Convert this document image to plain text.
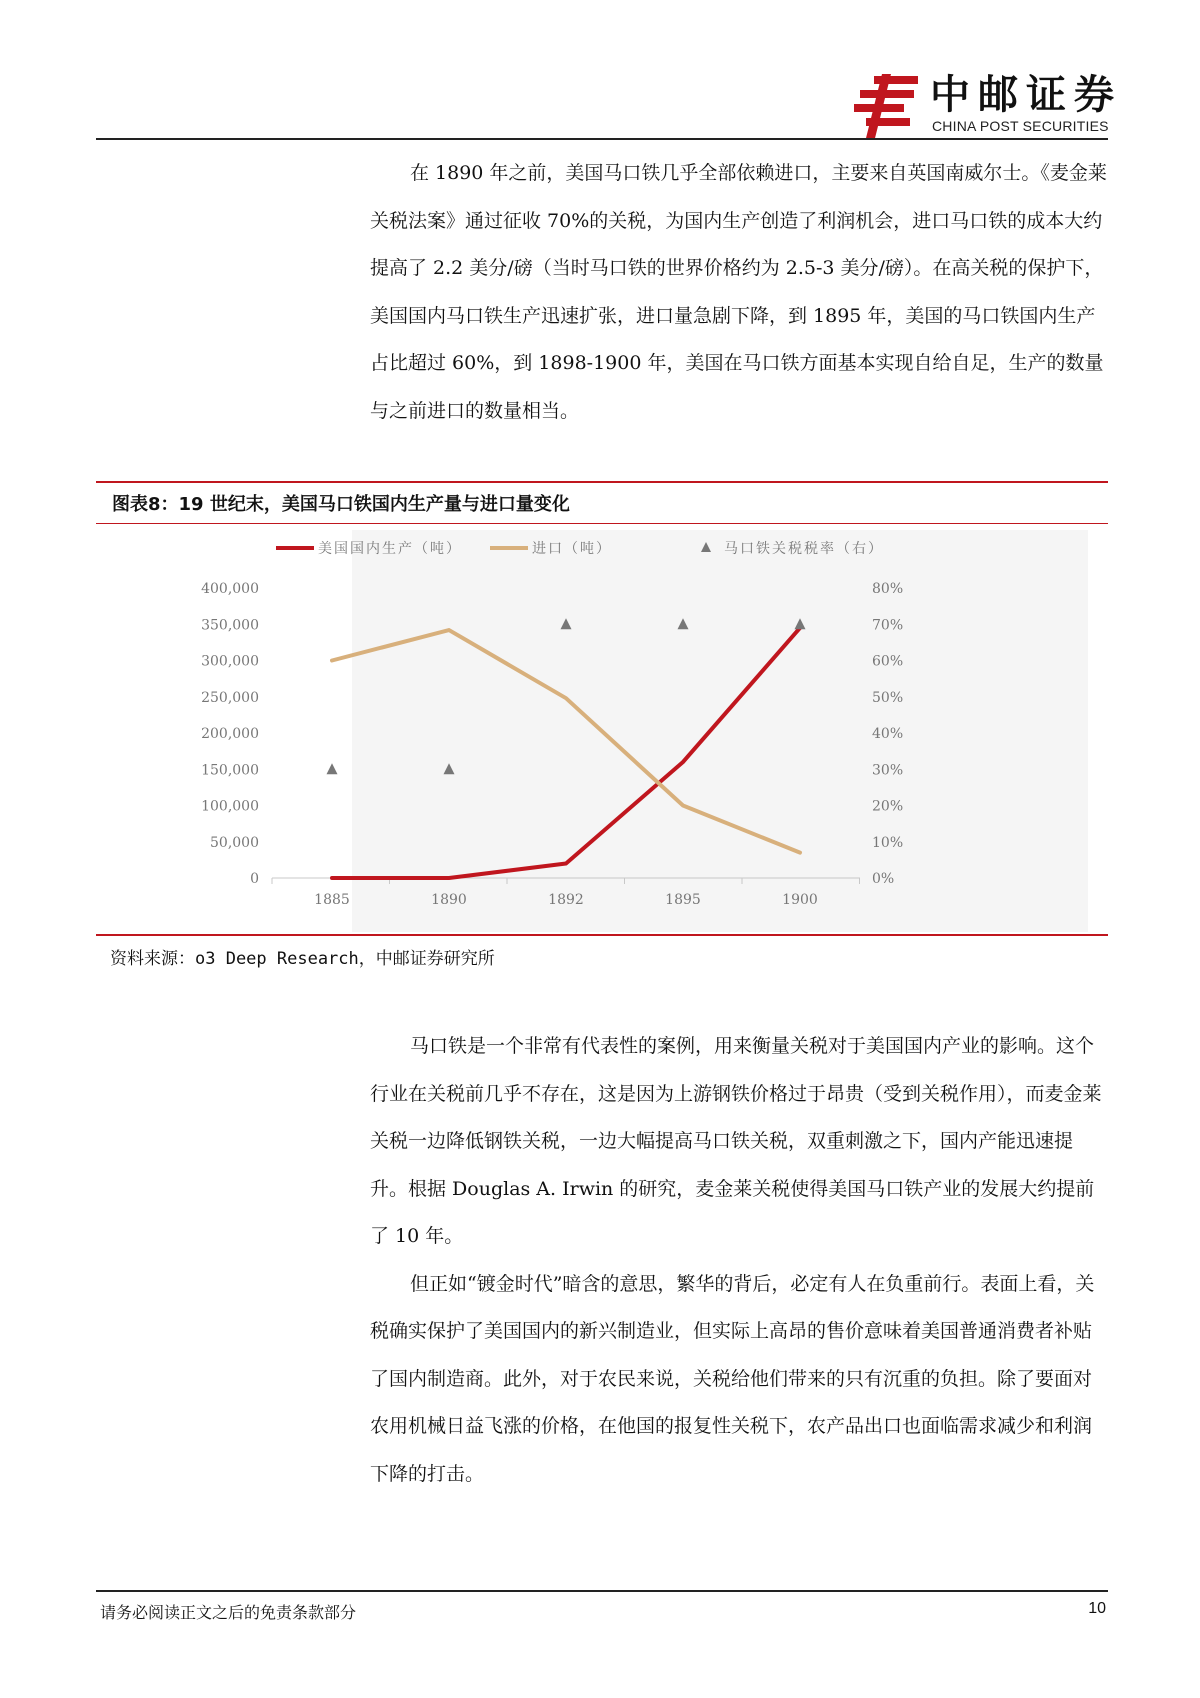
中邮证券
CHINA POST SECURITIES

在 1890 年之前，美国马口铁几乎全部依赖进口，主要来自英国南威尔士。《麦金莱关税法案》通过征收 70%的关税，为国内生产创造了利润机会，进口马口铁的成本大约提高了 2.2 美分/磅（当时马口铁的世界价格约为 2.5-3 美分/磅）。在高关税的保护下，美国国内马口铁生产迅速扩张，进口量急剧下降，到 1895 年，美国的马口铁国内生产占比超过 60%，到 1898-1900 年，美国在马口铁方面基本实现自给自足，生产的数量与之前进口的数量相当。

图表8：19 世纪末，美国马口铁国内生产量与进口量变化
美国国内生产（吨）	进口（吨）	马口铁关税税率（右）
0
50,000
100,000
150,000
200,000
250,000
300,000
350,000
400,000
0%
10%
20%
30%
40%
50%
60%
70%
80%
1885	1890	1892	1895	1900
资料来源：o3 Deep Research，中邮证券研究所

马口铁是一个非常有代表性的案例，用来衡量关税对于美国国内产业的影响。这个行业在关税前几乎不存在，这是因为上游钢铁价格过于昂贵（受到关税作用），而麦金莱关税一边降低钢铁关税，一边大幅提高马口铁关税，双重刺激之下，国内产能迅速提升。根据 Douglas A. Irwin 的研究，麦金莱关税使得美国马口铁产业的发展大约提前了 10 年。

但正如“镀金时代”暗含的意思，繁华的背后，必定有人在负重前行。表面上看，关税确实保护了美国国内的新兴制造业，但实际上高昂的售价意味着美国普通消费者补贴了国内制造商。此外，对于农民来说，关税给他们带来的只有沉重的负担。除了要面对农用机械日益飞涨的价格，在他国的报复性关税下，农产品出口也面临需求减少和利润下降的打击。

请务必阅读正文之后的免责条款部分	10
